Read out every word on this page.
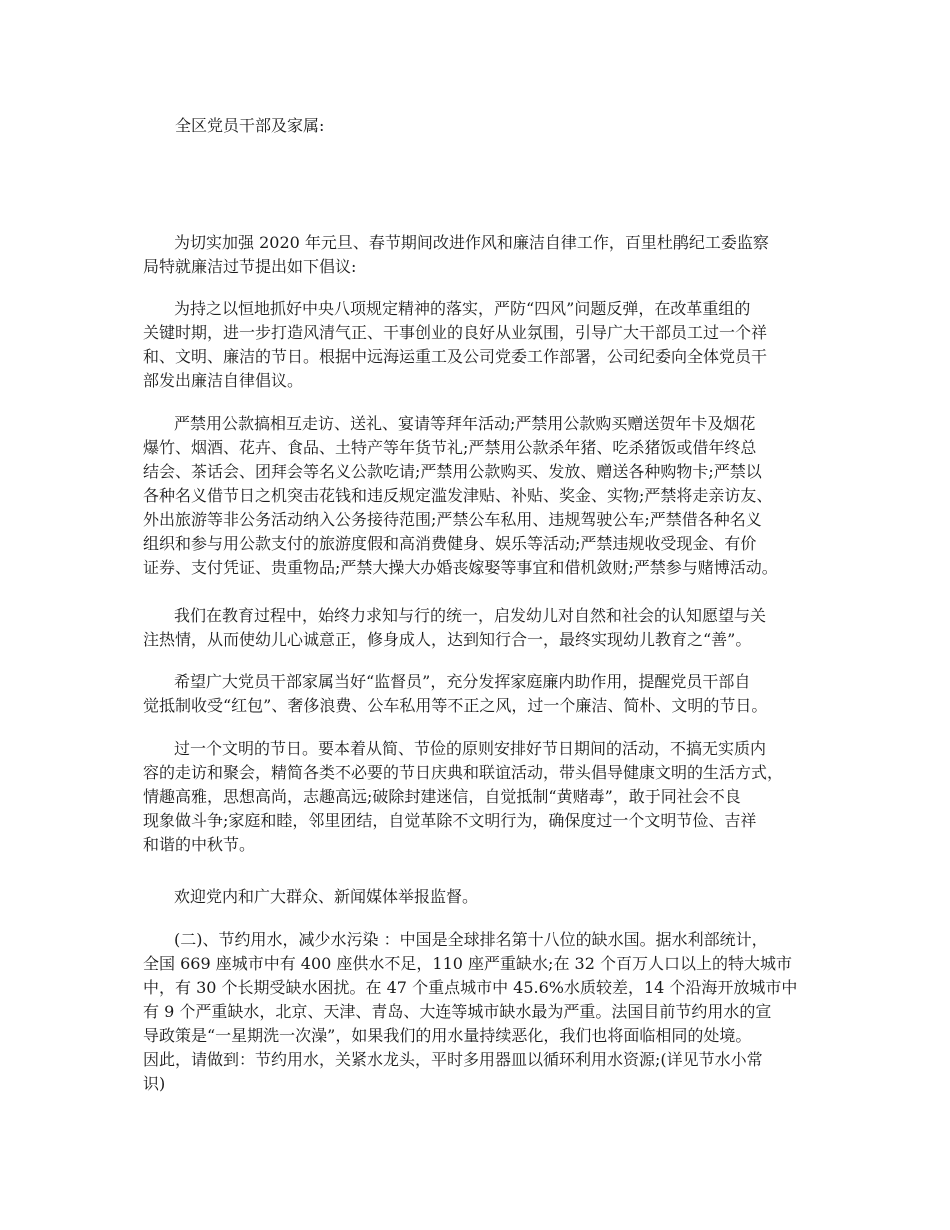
全区党员干部及家属:
为切实加强 2020 年元旦、春节期间改进作风和廉洁自律工作，百里杜鹃纪工委监察
局特就廉洁过节提出如下倡议:
为持之以恒地抓好中央八项规定精神的落实，严防“四风”问题反弹，在改革重组的
关键时期，进一步打造风清气正、干事创业的良好从业氛围，引导广大干部员工过一个祥
和、文明、廉洁的节日。根据中远海运重工及公司党委工作部署，公司纪委向全体党员干
部发出廉洁自律倡议。
严禁用公款搞相互走访、送礼、宴请等拜年活动;严禁用公款购买赠送贺年卡及烟花
爆竹、烟酒、花卉、食品、土特产等年货节礼;严禁用公款杀年猪、吃杀猪饭或借年终总
结会、茶话会、团拜会等名义公款吃请;严禁用公款购买、发放、赠送各种购物卡;严禁以
各种名义借节日之机突击花钱和违反规定滥发津贴、补贴、奖金、实物;严禁将走亲访友、
外出旅游等非公务活动纳入公务接待范围;严禁公车私用、违规驾驶公车;严禁借各种名义
组织和参与用公款支付的旅游度假和高消费健身、娱乐等活动;严禁违规收受现金、有价
证券、支付凭证、贵重物品;严禁大操大办婚丧嫁娶等事宜和借机敛财;严禁参与赌博活动。
我们在教育过程中，始终力求知与行的统一，启发幼儿对自然和社会的认知愿望与关
注热情，从而使幼儿心诚意正，修身成人，达到知行合一，最终实现幼儿教育之“善”。
希望广大党员干部家属当好“监督员”，充分发挥家庭廉内助作用，提醒党员干部自
觉抵制收受“红包”、奢侈浪费、公车私用等不正之风，过一个廉洁、简朴、文明的节日。
过一个文明的节日。要本着从简、节俭的原则安排好节日期间的活动，不搞无实质内
容的走访和聚会，精简各类不必要的节日庆典和联谊活动，带头倡导健康文明的生活方式，
情趣高雅，思想高尚，志趣高远;破除封建迷信，自觉抵制“黄赌毒”，敢于同社会不良
现象做斗争;家庭和睦，邻里团结，自觉革除不文明行为，确保度过一个文明节俭、吉祥
和谐的中秋节。
欢迎党内和广大群众、新闻媒体举报监督。
(二)、节约用水，减少水污染 ：中国是全球排名第十八位的缺水国。据水利部统计，
全国 669 座城市中有 400 座供水不足，110 座严重缺水;在 32 个百万人口以上的特大城市
中，有 30 个长期受缺水困扰。在 47 个重点城市中 45.6%水质较差，14 个沿海开放城市中
有 9 个严重缺水，北京、天津、青岛、大连等城市缺水最为严重。法国目前节约用水的宣
导政策是“一星期洗一次澡”，如果我们的用水量持续恶化，我们也将面临相同的处境。
因此，请做到：节约用水，关紧水龙头，平时多用器皿以循环利用水资源;(详见节水小常
识)
